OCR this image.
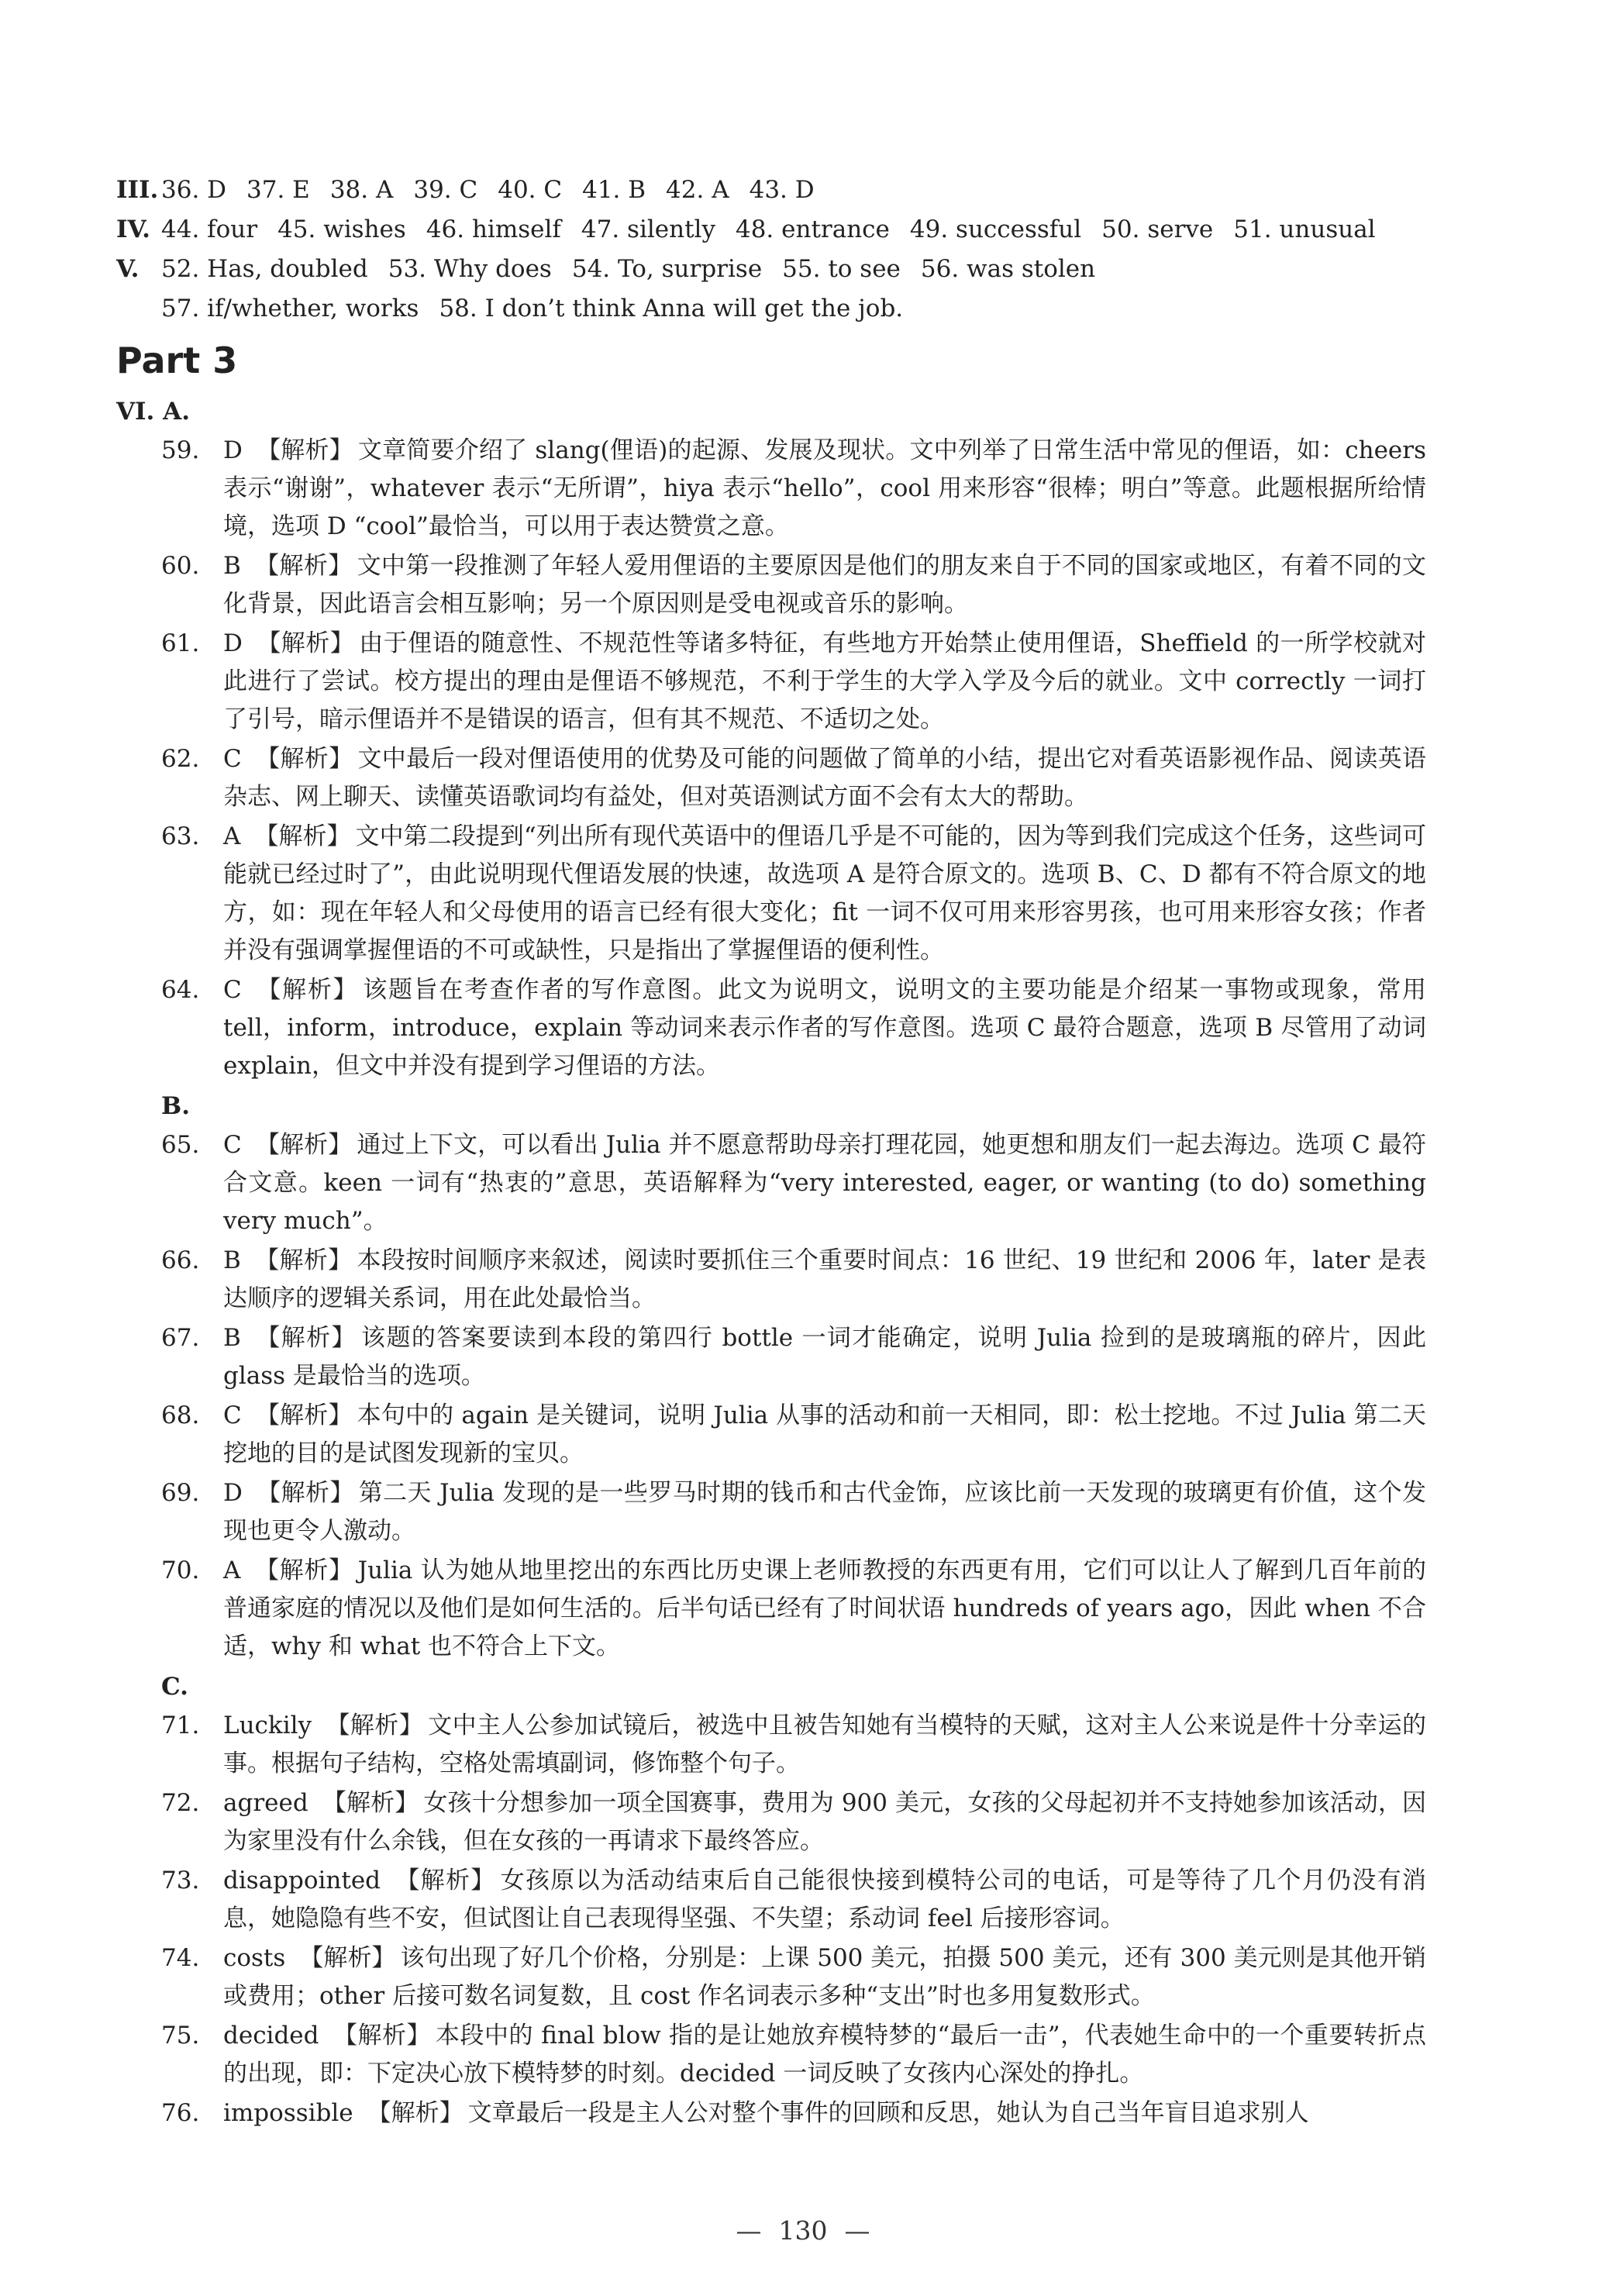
III. 36. D 37. E 38. A 39. C 40. C 41. B 42. A 43. D
IV. 44. four 45. wishes 46. himself 47. silently 48. entrance 49. successful 50. serve 51. unusual
V. 52. Has, doubled 53. Why does 54. To, surprise 55. to see 56. was stolen
57. if/whether, works 58. I don’t think Anna will get the job.
Part 3
VI. A.
59. D 【解析】 文章简要介绍了 slang(俚语)的起源、发展及现状。文中列举了日常生活中常见的俚语，如：cheers 表示“谢谢”，whatever 表示“无所谓”，hiya 表示“hello”，cool 用来形容“很棒；明白”等意。此题根据所给情境，选项 D “cool”最恰当，可以用于表达赞赏之意。
60. B 【解析】 文中第一段推测了年轻人爱用俚语的主要原因是他们的朋友来自于不同的国家或地区，有着不同的文化背景，因此语言会相互影响；另一个原因则是受电视或音乐的影响。
61. D 【解析】 由于俚语的随意性、不规范性等诸多特征，有些地方开始禁止使用俚语，Sheffield 的一所学校就对此进行了尝试。校方提出的理由是俚语不够规范，不利于学生的大学入学及今后的就业。文中 correctly 一词打了引号，暗示俚语并不是错误的语言，但有其不规范、不适切之处。
62. C 【解析】 文中最后一段对俚语使用的优势及可能的问题做了简单的小结，提出它对看英语影视作品、阅读英语杂志、网上聊天、读懂英语歌词均有益处，但对英语测试方面不会有太大的帮助。
63. A 【解析】 文中第二段提到“列出所有现代英语中的俚语几乎是不可能的，因为等到我们完成这个任务，这些词可能就已经过时了”，由此说明现代俚语发展的快速，故选项 A 是符合原文的。选项 B、C、D 都有不符合原文的地方，如：现在年轻人和父母使用的语言已经有很大变化；fit 一词不仅可用来形容男孩，也可用来形容女孩；作者并没有强调掌握俚语的不可或缺性，只是指出了掌握俚语的便利性。
64. C 【解析】 该题旨在考查作者的写作意图。此文为说明文，说明文的主要功能是介绍某一事物或现象，常用 tell，inform，introduce，explain 等动词来表示作者的写作意图。选项 C 最符合题意，选项 B 尽管用了动词 explain，但文中并没有提到学习俚语的方法。
B.
65. C 【解析】 通过上下文，可以看出 Julia 并不愿意帮助母亲打理花园，她更想和朋友们一起去海边。选项 C 最符合文意。keen 一词有“热衷的”意思，英语解释为“very interested, eager, or wanting (to do) something very much”。
66. B 【解析】 本段按时间顺序来叙述，阅读时要抓住三个重要时间点：16 世纪、19 世纪和 2006 年，later 是表达顺序的逻辑关系词，用在此处最恰当。
67. B 【解析】 该题的答案要读到本段的第四行 bottle 一词才能确定，说明 Julia 捡到的是玻璃瓶的碎片，因此 glass 是最恰当的选项。
68. C 【解析】 本句中的 again 是关键词，说明 Julia 从事的活动和前一天相同，即：松土挖地。不过 Julia 第二天挖地的目的是试图发现新的宝贝。
69. D 【解析】 第二天 Julia 发现的是一些罗马时期的钱币和古代金饰，应该比前一天发现的玻璃更有价值，这个发现也更令人激动。
70. A 【解析】 Julia 认为她从地里挖出的东西比历史课上老师教授的东西更有用，它们可以让人了解到几百年前的普通家庭的情况以及他们是如何生活的。后半句话已经有了时间状语 hundreds of years ago，因此 when 不合适，why 和 what 也不符合上下文。
C.
71. Luckily 【解析】 文中主人公参加试镜后，被选中且被告知她有当模特的天赋，这对主人公来说是件十分幸运的事。根据句子结构，空格处需填副词，修饰整个句子。
72. agreed 【解析】 女孩十分想参加一项全国赛事，费用为 900 美元，女孩的父母起初并不支持她参加该活动，因为家里没有什么余钱，但在女孩的一再请求下最终答应。
73. disappointed 【解析】 女孩原以为活动结束后自己能很快接到模特公司的电话，可是等待了几个月仍没有消息，她隐隐有些不安，但试图让自己表现得坚强、不失望；系动词 feel 后接形容词。
74. costs 【解析】 该句出现了好几个价格，分别是：上课 500 美元，拍摄 500 美元，还有 300 美元则是其他开销或费用；other 后接可数名词复数，且 cost 作名词表示多种“支出”时也多用复数形式。
75. decided 【解析】 本段中的 final blow 指的是让她放弃模特梦的“最后一击”，代表她生命中的一个重要转折点的出现，即：下定决心放下模特梦的时刻。decided 一词反映了女孩内心深处的挣扎。
76. impossible 【解析】 文章最后一段是主人公对整个事件的回顾和反思，她认为自己当年盲目追求别人
— 130 —
